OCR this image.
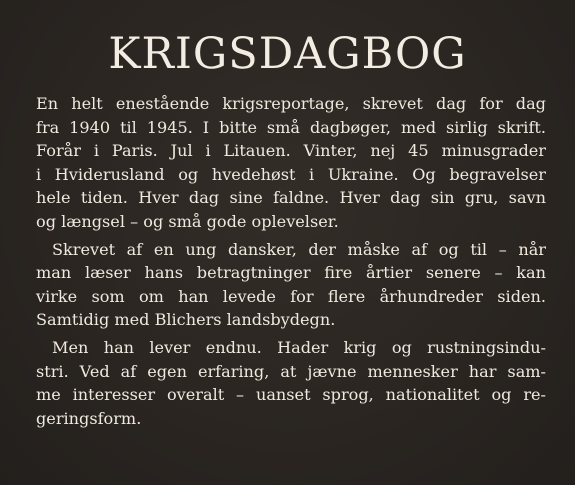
KRIGSDAGBOG

En helt enestående krigsreportage, skrevet dag for dag
fra 1940 til 1945. I bitte små dagbøger, med sirlig skrift.
Forår i Paris. Jul i Litauen. Vinter, nej 45 minusgrader
i Hviderusland og hvedehøst i Ukraine. Og begravelser
hele tiden. Hver dag sine faldne. Hver dag sin gru, savn
og længsel – og små gode oplevelser.

Skrevet af en ung dansker, der måske af og til – når
man læser hans betragtninger fire årtier senere – kan
virke som om han levede for flere århundreder siden.
Samtidig med Blichers landsbydegn.

Men han lever endnu. Hader krig og rustningsindu-
stri. Ved af egen erfaring, at jævne mennesker har sam-
me interesser overalt – uanset sprog, nationalitet og re-
geringsform.
